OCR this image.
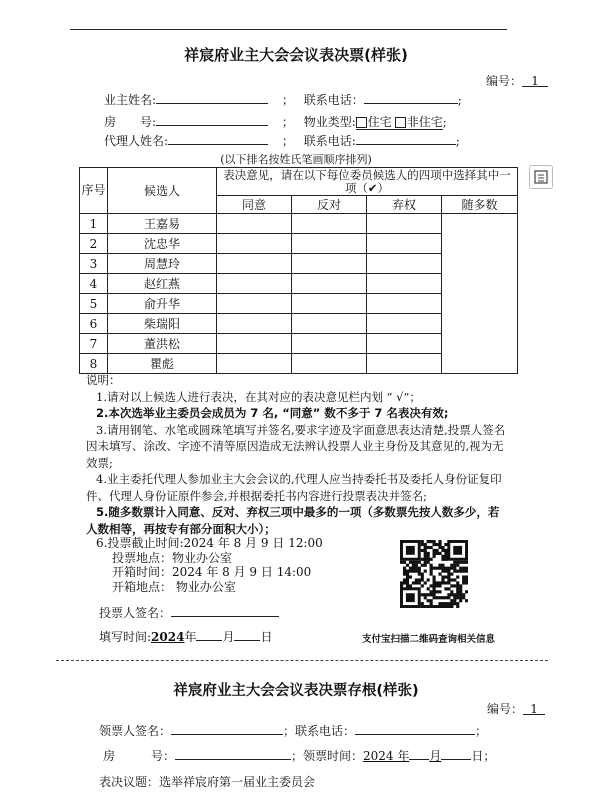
祥宸府业主大会会议表决票(样张)
编号： 1
业主姓名:	； 联系电话：	;
房　　号:	； 物业类型: 住宅 非住宅;
代理人姓名:	； 联系电话:	;
(以下排名按姓氏笔画顺序排列)
序号	候选人	表决意见，请在以下每位委员候选人的四项中选择其中一项（✔）			
		同意	反对	弃权	随多数
1	王嘉易				
2	沈忠华				
3	周慧玲				
4	赵红燕				
5	俞升华				
6	柴瑞阳				
7	董洪松				
8	瞿彪				

说明：

1.请对以上候选人进行表决，在其对应的表决意见栏内划 “ √”；

2.本次选举业主委员会成员为 7 名, “同意” 数不多于 7 名表决有效;

3.请用钢笔、水笔或圆珠笔填写并签名,要求字迹及字面意思表达清楚,投票人签名因未填写、涂改、字迹不清等原因造成无法辨认投票人业主身份及其意见的,视为无效票;

4.业主委托代理人参加业主大会会议的,代理人应当持委托书及委托人身份证复印件、代理人身份证原件参会,并根据委托书内容进行投票表决并签名;

5.随多数票计入同意、反对、弃权三项中最多的一项（多数票先按人数多少，若人数相等，再按专有部分面积大小）；

6.投票截止时间:2024 年 8 月 9 日 12:00
投票地点：物业办公室
开箱时间：2024 年 8 月 9 日 14:00
开箱地点： 物业办公室
投票人签名：
填写时间:2024年 月 日	支付宝扫描二维码查询相关信息
祥宸府业主大会会议表决票存根(样张)
编号： 1
领票人签名：	；联系电话：	；
房　　　号：	；领票时间：2024 年 月	日；
表决议题：选举祥宸府第一届业主委员会
